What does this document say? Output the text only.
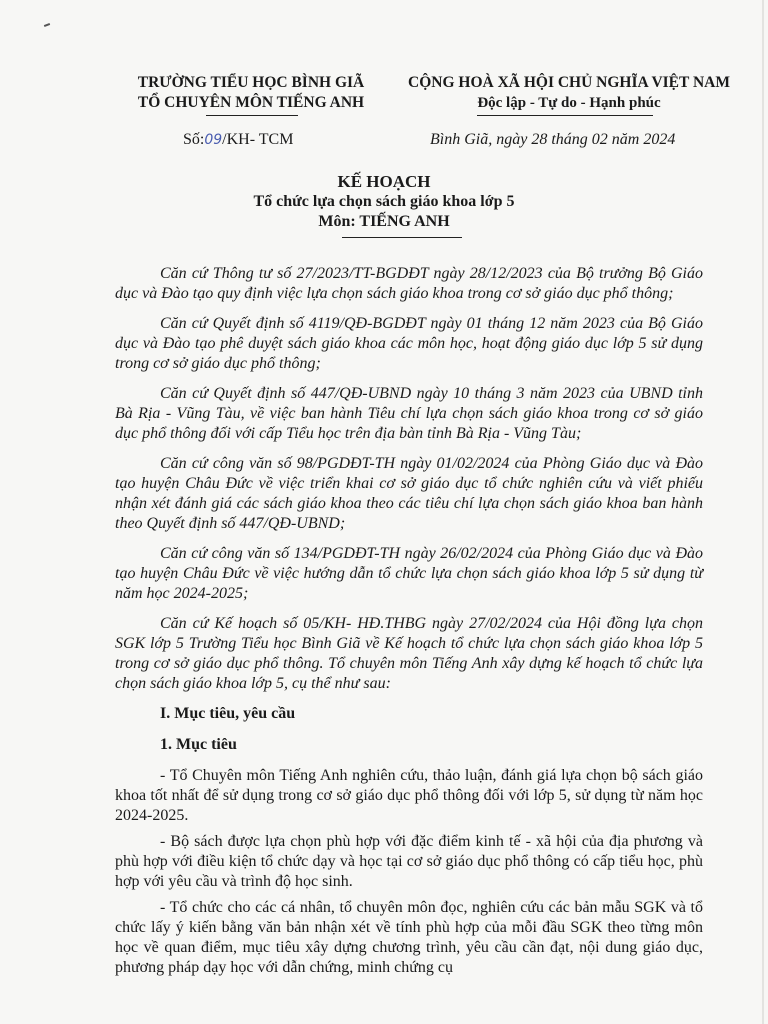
TRƯỜNG TIỂU HỌC BÌNH GIÃ
TỔ CHUYÊN MÔN TIẾNG ANH
CỘNG HOÀ XÃ HỘI CHỦ NGHĨA VIỆT NAM
Độc lập - Tự do - Hạnh phúc
Số:09/KH- TCM	Bình Giã, ngày 28 tháng 02 năm 2024
KẾ HOẠCH
Tổ chức lựa chọn sách giáo khoa lớp 5
Môn: TIẾNG ANH

Căn cứ Thông tư số 27/2023/TT-BGDĐT ngày 28/12/2023 của Bộ trưởng Bộ Giáo dục và Đào tạo quy định việc lựa chọn sách giáo khoa trong cơ sở giáo dục phổ thông;

Căn cứ Quyết định số 4119/QĐ-BGDĐT ngày 01 tháng 12 năm 2023 của Bộ Giáo dục và Đào tạo phê duyệt sách giáo khoa các môn học, hoạt động giáo dục lớp 5 sử dụng trong cơ sở giáo dục phổ thông;

Căn cứ Quyết định số 447/QĐ-UBND ngày 10 tháng 3 năm 2023 của UBND tỉnh Bà Rịa - Vũng Tàu, về việc ban hành Tiêu chí lựa chọn sách giáo khoa trong cơ sở giáo dục phổ thông đối với cấp Tiểu học trên địa bàn tỉnh Bà Rịa - Vũng Tàu;

Căn cứ công văn số 98/PGDĐT-TH ngày 01/02/2024 của Phòng Giáo dục và Đào tạo huyện Châu Đức về việc triển khai cơ sở giáo dục tổ chức nghiên cứu và viết phiếu nhận xét đánh giá các sách giáo khoa theo các tiêu chí lựa chọn sách giáo khoa ban hành theo Quyết định số 447/QĐ-UBND;

Căn cứ công văn số 134/PGDĐT-TH ngày 26/02/2024 của Phòng Giáo dục và Đào tạo huyện Châu Đức về việc hướng dẫn tổ chức lựa chọn sách giáo khoa lớp 5 sử dụng từ năm học 2024-2025;

Căn cứ Kế hoạch số 05/KH- HĐ.THBG ngày 27/02/2024 của Hội đồng lựa chọn SGK lớp 5 Trường Tiểu học Bình Giã về Kế hoạch tổ chức lựa chọn sách giáo khoa lớp 5 trong cơ sở giáo dục phổ thông. Tổ chuyên môn Tiếng Anh xây dựng kế hoạch tổ chức lựa chọn sách giáo khoa lớp 5, cụ thể như sau:

I. Mục tiêu, yêu cầu
1. Mục tiêu

- Tổ Chuyên môn Tiếng Anh nghiên cứu, thảo luận, đánh giá lựa chọn bộ sách giáo khoa tốt nhất để sử dụng trong cơ sở giáo dục phổ thông đối với lớp 5, sử dụng từ năm học 2024-2025.

- Bộ sách được lựa chọn phù hợp với đặc điểm kinh tế - xã hội của địa phương và phù hợp với điều kiện tổ chức dạy và học tại cơ sở giáo dục phổ thông có cấp tiểu học, phù hợp với yêu cầu và trình độ học sinh.

- Tổ chức cho các cá nhân, tổ chuyên môn đọc, nghiên cứu các bản mẫu SGK và tổ chức lấy ý kiến bằng văn bản nhận xét về tính phù hợp của mỗi đầu SGK theo từng môn học về quan điểm, mục tiêu xây dựng chương trình, yêu cầu cần đạt, nội dung giáo dục, phương pháp dạy học với dẫn chứng, minh chứng cụ
